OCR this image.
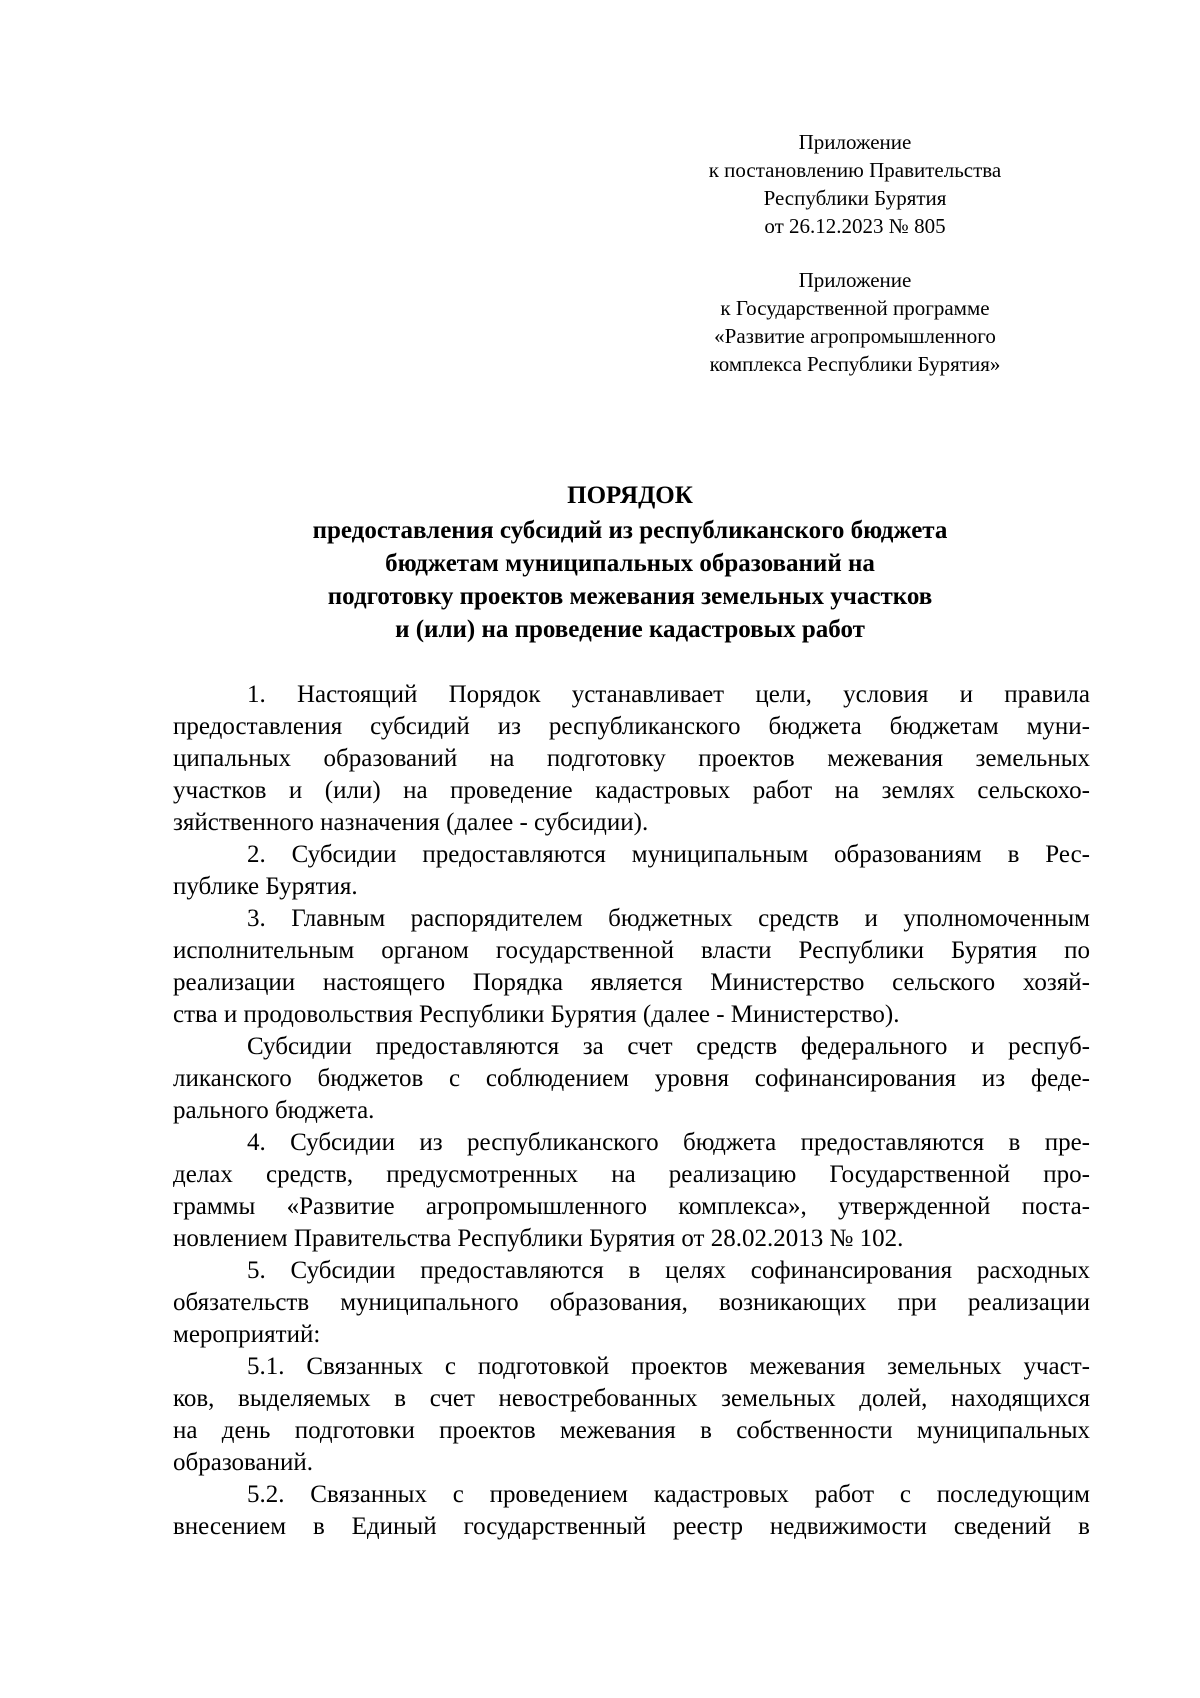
Приложение
к постановлению Правительства
Республики Бурятия
от 26.12.2023 № 805
Приложение
к Государственной программе
«Развитие агропромышленного
комплекса Республики Бурятия»
ПОРЯДОК
предоставления субсидий из республиканского бюджета
бюджетам муниципальных образований на
подготовку проектов межевания земельных участков
и (или) на проведение кадастровых работ
1. Настоящий Порядок устанавливает цели, условия и правила
предоставления субсидий из республиканского бюджета бюджетам муни-
ципальных образований на подготовку проектов межевания земельных
участков и (или) на проведение кадастровых работ на землях сельскохо-
зяйственного назначения (далее - субсидии).
2. Субсидии предоставляются муниципальным образованиям в Рес-
публике Бурятия.
3. Главным распорядителем бюджетных средств и уполномоченным
исполнительным органом государственной власти Республики Бурятия по
реализации настоящего Порядка является Министерство сельского хозяй-
ства и продовольствия Республики Бурятия (далее - Министерство).
Субсидии предоставляются за счет средств федерального и респуб-
ликанского бюджетов с соблюдением уровня софинансирования из феде-
рального бюджета.
4. Субсидии из республиканского бюджета предоставляются в пре-
делах средств, предусмотренных на реализацию Государственной про-
граммы «Развитие агропромышленного комплекса», утвержденной поста-
новлением Правительства Республики Бурятия от 28.02.2013 № 102.
5. Субсидии предоставляются в целях софинансирования расходных
обязательств муниципального образования, возникающих при реализации
мероприятий:
5.1. Связанных с подготовкой проектов межевания земельных участ-
ков, выделяемых в счет невостребованных земельных долей, находящихся
на день подготовки проектов межевания в собственности муниципальных
образований.
5.2. Связанных с проведением кадастровых работ с последующим
внесением в Единый государственный реестр недвижимости сведений в
